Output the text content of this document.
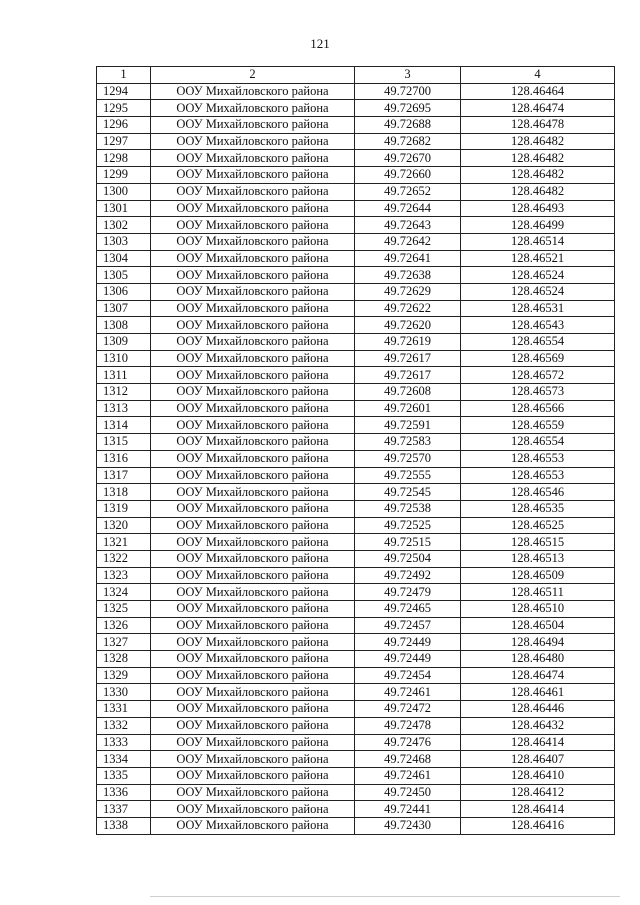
121
1	2	3	4
1294	ООУ Михайловского района	49.72700	128.46464
1295	ООУ Михайловского района	49.72695	128.46474
1296	ООУ Михайловского района	49.72688	128.46478
1297	ООУ Михайловского района	49.72682	128.46482
1298	ООУ Михайловского района	49.72670	128.46482
1299	ООУ Михайловского района	49.72660	128.46482
1300	ООУ Михайловского района	49.72652	128.46482
1301	ООУ Михайловского района	49.72644	128.46493
1302	ООУ Михайловского района	49.72643	128.46499
1303	ООУ Михайловского района	49.72642	128.46514
1304	ООУ Михайловского района	49.72641	128.46521
1305	ООУ Михайловского района	49.72638	128.46524
1306	ООУ Михайловского района	49.72629	128.46524
1307	ООУ Михайловского района	49.72622	128.46531
1308	ООУ Михайловского района	49.72620	128.46543
1309	ООУ Михайловского района	49.72619	128.46554
1310	ООУ Михайловского района	49.72617	128.46569
1311	ООУ Михайловского района	49.72617	128.46572
1312	ООУ Михайловского района	49.72608	128.46573
1313	ООУ Михайловского района	49.72601	128.46566
1314	ООУ Михайловского района	49.72591	128.46559
1315	ООУ Михайловского района	49.72583	128.46554
1316	ООУ Михайловского района	49.72570	128.46553
1317	ООУ Михайловского района	49.72555	128.46553
1318	ООУ Михайловского района	49.72545	128.46546
1319	ООУ Михайловского района	49.72538	128.46535
1320	ООУ Михайловского района	49.72525	128.46525
1321	ООУ Михайловского района	49.72515	128.46515
1322	ООУ Михайловского района	49.72504	128.46513
1323	ООУ Михайловского района	49.72492	128.46509
1324	ООУ Михайловского района	49.72479	128.46511
1325	ООУ Михайловского района	49.72465	128.46510
1326	ООУ Михайловского района	49.72457	128.46504
1327	ООУ Михайловского района	49.72449	128.46494
1328	ООУ Михайловского района	49.72449	128.46480
1329	ООУ Михайловского района	49.72454	128.46474
1330	ООУ Михайловского района	49.72461	128.46461
1331	ООУ Михайловского района	49.72472	128.46446
1332	ООУ Михайловского района	49.72478	128.46432
1333	ООУ Михайловского района	49.72476	128.46414
1334	ООУ Михайловского района	49.72468	128.46407
1335	ООУ Михайловского района	49.72461	128.46410
1336	ООУ Михайловского района	49.72450	128.46412
1337	ООУ Михайловского района	49.72441	128.46414
1338	ООУ Михайловского района	49.72430	128.46416
